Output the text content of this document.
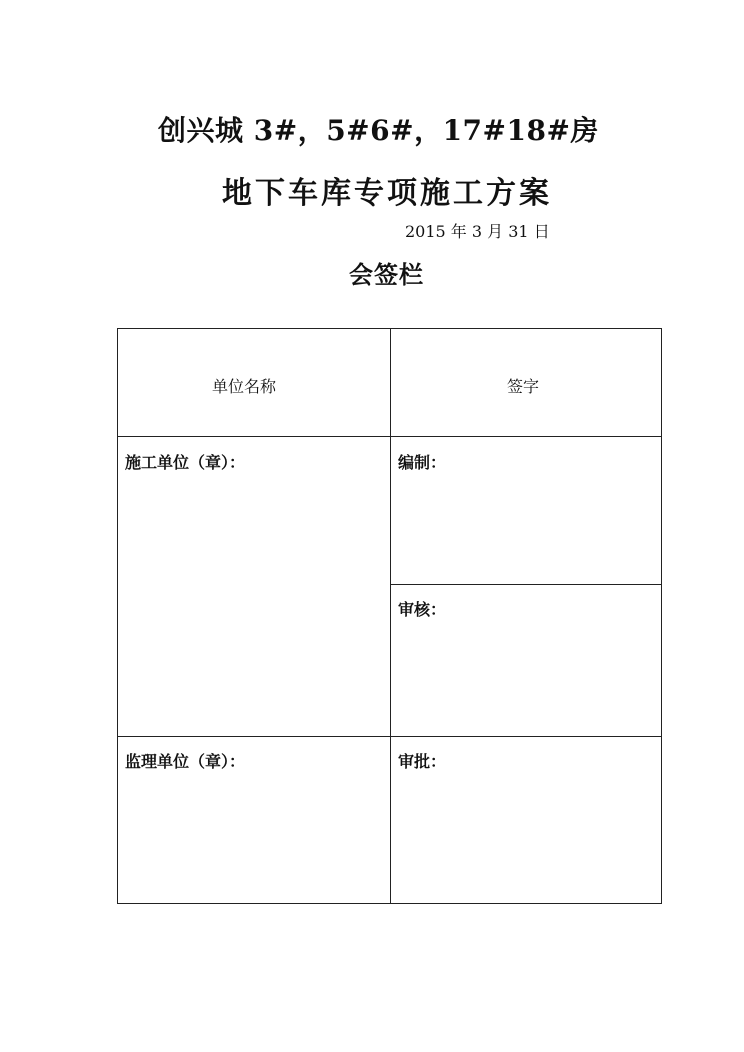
创兴城 3#，5#6#，17#18#房
地下车库专项施工方案
2015 年 3 月 31 日
会签栏
单位名称	签字
施工单位（章）：	编制：
审核：
监理单位（章）：	审批：
